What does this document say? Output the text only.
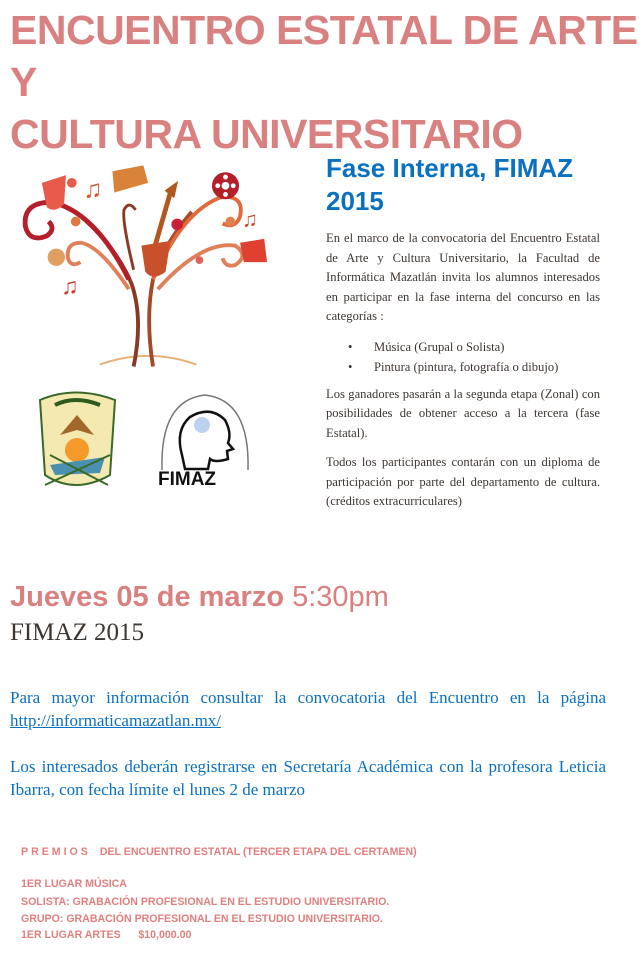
ENCUENTRO ESTATAL DE ARTE Y
CULTURA UNIVERSITARIO
♫
♫
♫
FIMAZ
Fase Interna, FIMAZ 2015

En el marco de la convocatoria del Encuentro Estatal de Arte y Cultura Universitario, la Facultad de Informática Mazatlán invita los alumnos interesados en participar en la fase interna del concurso en las categorías :

• Música (Grupal o Solista)
• Pintura (pintura, fotografía o dibujo)

Los ganadores pasarán a la segunda etapa (Zonal) con posibilidades de obtener acceso a la tercera (fase Estatal).

Todos los participantes contarán con un diploma de participación por parte del departamento de cultura. (créditos extracurriculares)

Jueves 05 de marzo 5:30pm
FIMAZ 2015
Para mayor información consultar la convocatoria del Encuentro en la página http://informaticamazatlan.mx/
Los interesados deberán registrarse en Secretaría Académica con la profesora Leticia Ibarra, con fecha límite el lunes 2 de marzo
PREMIOS DEL ENCUENTRO ESTATAL (TERCER ETAPA DEL CERTAMEN)
1ER LUGAR MÚSICA
SOLISTA: GRABACIÓN PROFESIONAL EN EL ESTUDIO UNIVERSITARIO.
GRUPO: GRABACIÓN PROFESIONAL EN EL ESTUDIO UNIVERSITARIO.
1ER LUGAR ARTES      $10,000.00
